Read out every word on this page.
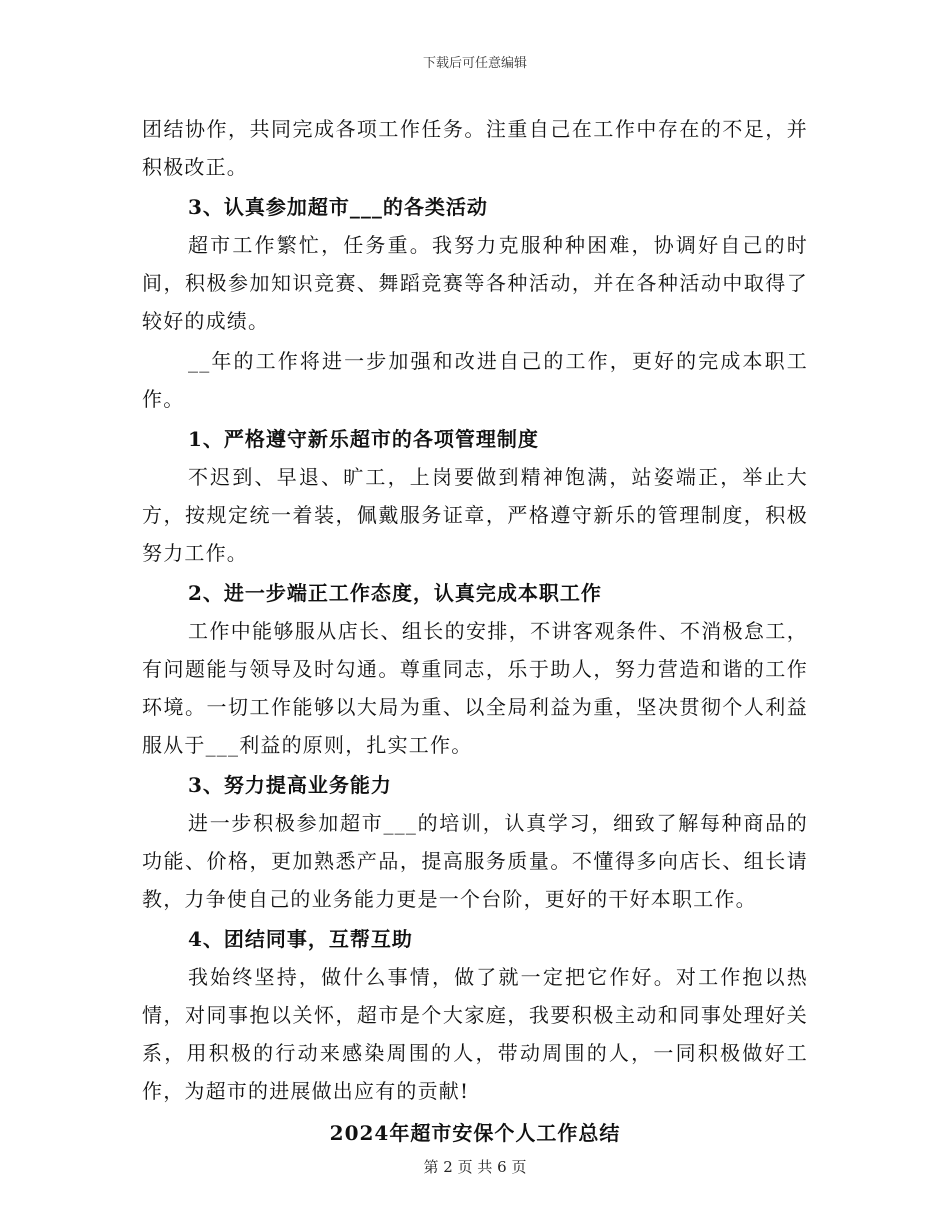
下载后可任意编辑

团结协作，共同完成各项工作任务。注重自己在工作中存在的不足，并积极改正。

3、认真参加超市___的各类活动

超市工作繁忙，任务重。我努力克服种种困难，协调好自己的时间，积极参加知识竞赛、舞蹈竞赛等各种活动，并在各种活动中取得了较好的成绩。

__年的工作将进一步加强和改进自己的工作，更好的完成本职工作。

1、严格遵守新乐超市的各项管理制度

不迟到、早退、旷工，上岗要做到精神饱满，站姿端正，举止大方，按规定统一着装，佩戴服务证章，严格遵守新乐的管理制度，积极努力工作。

2、进一步端正工作态度，认真完成本职工作

工作中能够服从店长、组长的安排，不讲客观条件、不消极怠工，有问题能与领导及时勾通。尊重同志，乐于助人，努力营造和谐的工作环境。一切工作能够以大局为重、以全局利益为重，坚决贯彻个人利益服从于___利益的原则，扎实工作。

3、努力提高业务能力

进一步积极参加超市___的培训，认真学习，细致了解每种商品的功能、价格，更加熟悉产品，提高服务质量。不懂得多向店长、组长请教，力争使自己的业务能力更是一个台阶，更好的干好本职工作。

4、团结同事，互帮互助

我始终坚持，做什么事情，做了就一定把它作好。对工作抱以热情，对同事抱以关怀，超市是个大家庭，我要积极主动和同事处理好关系，用积极的行动来感染周围的人，带动周围的人，一同积极做好工作，为超市的进展做出应有的贡献!

2024年超市安保个人工作总结

第 2 页 共 6 页
